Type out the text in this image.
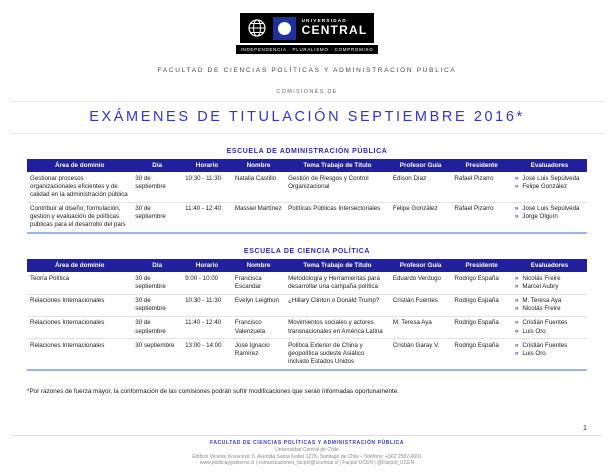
UNIVERSIDAD
CENTRAL
INDEPENDENCIA · PLURALISMO · COMPROMISO
FACULTAD DE CIENCIAS POLÍTICAS Y ADMINISTRACIÓN PÚBLICA
COMISIONES DE
EXÁMENES DE TITULACIÓN SEPTIEMBRE 2016*
ESCUELA DE ADMINISTRACIÓN PÚBLICA
Área de dominio	Día	Horario	Nombre	Tema Trabajo de Título	Profesor Guía	Presidente	Evaluadores
Gestionar procesos organizacionales eficientes y de calidad en la administración pública	30 de septiembre	10:30 - 11:30	Natalia Castillo	Gestión de Riesgos y Control Organizacional	Edison Díaz	Rafael Pizarro	» José Luis Sepúlveda
» Felipe González

Contribuir al diseño, formulación, gestión y evaluación de políticas públicas para el desarrollo del país	30 de septiembre	11:40 - 12:40	Massiel Martínez	Políticas Públicas Intersectoriales	Felipe González	Rafael Pizarro	» José Luis Sepúlveda
» Jorge Olguín
ESCUELA DE CIENCIA POLÍTICA
Área de dominio	Día	Horario	Nombre	Tema Trabajo de Título	Profesor Guía	Presidente	Evaluadores
Teoría Política	30 de septiembre	9:00 - 10:00	Francisca Escandar	Metodología y Herramientas para desarrollar una campaña política	Eduardo Verdugo	Rodrigo España	» Nicolás Freire
» Marcel Aubry

Relaciones Internacionales	30 de septiembre	10:30 - 11:30	Evelyn Leigthon	¿Hillary Clinton o Donald Trump?	Cristián Fuentes	Rodrigo España	» M. Teresa Aya
» Nicolás Freire

Relaciones Internacionales	30 de septiembre	11:40 - 12:40	Francisco Valenzuela	Movimientos sociales y actores transnacionales en América Latina	M. Teresa Aya	Rodrigo España	» Cristián Fuentes
» Luis Oro

Relaciones Internacionales	30 septiembre	13:00 - 14:00	José Ignacio Ramírez	Política Exterior de China y geopolítica sudeste Asiático incluido Estados Unidos	Cristián Garay V.	Rodrigo España	» Cristián Fuentes
» Luis Oro
*Por razones de fuerza mayor, la conformación de las comisiones podrán sufrir modificaciones que serán informadas oportunamente.
1
FACULTAD DE CIENCIAS POLÍTICAS Y ADMINISTRACIÓN PÚBLICA
Universidad Central de Chile
Edificio Vicente Kovacevic II. Avenida Santa Isabel 1278, Santiago de Chile • Teléfono: +562 2582-6601
www.politicaygobierno.cl | comunicaciones_facpol@ucentral.cl | Facpol UCEN | @Facpol_UCEN
